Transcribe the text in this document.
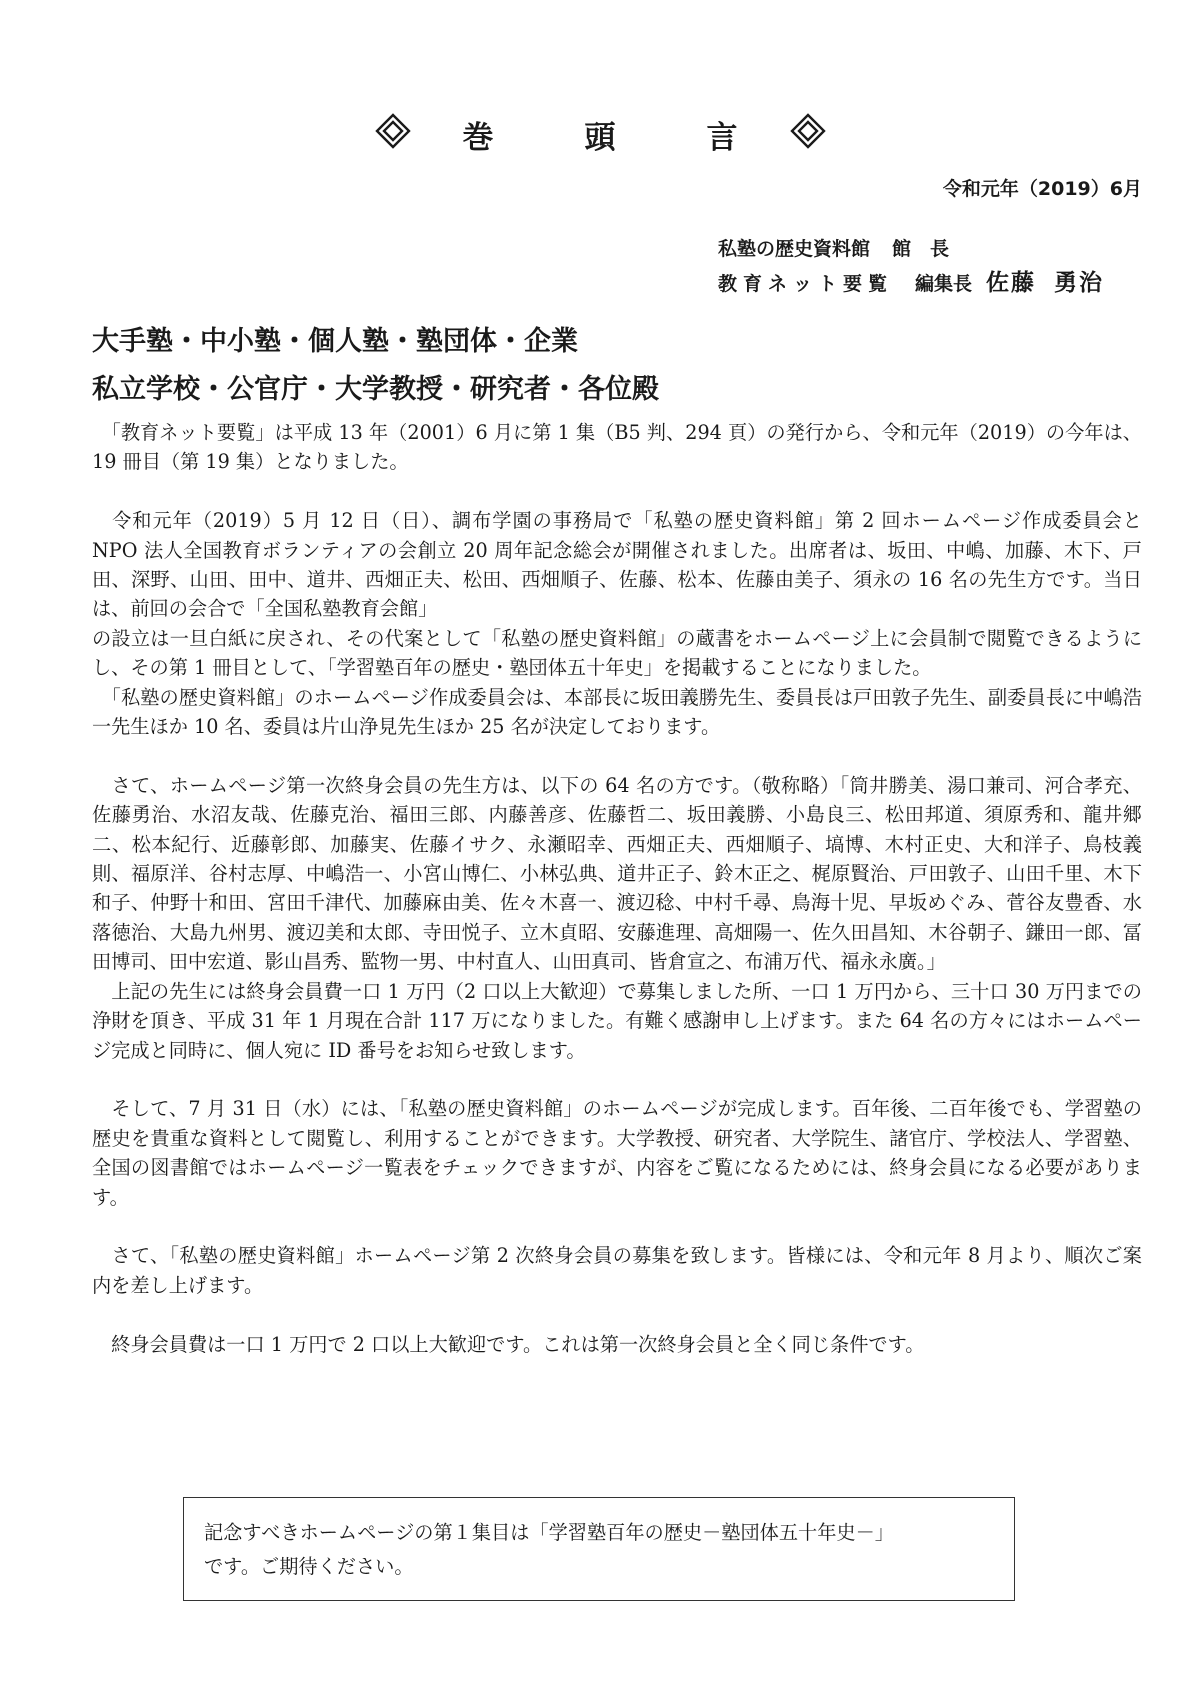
巻　頭　言
令和元年（2019）6月
私塾の歴史資料館 館　長
教育ネット要覧 編集長 佐藤 勇治
大手塾・中小塾・個人塾・塾団体・企業
私立学校・公官庁・大学教授・研究者・各位殿

　「教育ネット要覧」は平成 13 年（2001）6 月に第 1 集（B5 判、294 頁）の発行から、令和元年（2019）の今年は、19 冊目（第 19 集）となりました。

　令和元年（2019）5 月 12 日（日）、調布学園の事務局で「私塾の歴史資料館」第 2 回ホームページ作成委員会と NPO 法人全国教育ボランティアの会創立 20 周年記念総会が開催されました。出席者は、坂田、中嶋、加藤、木下、戸田、深野、山田、田中、道井、西畑正夫、松田、西畑順子、佐藤、松本、佐藤由美子、須永の 16 名の先生方です。当日は、前回の会合で「全国私塾教育会館」

の設立は一旦白紙に戻され、その代案として「私塾の歴史資料館」の蔵書をホームページ上に会員制で閲覧できるようにし、その第 1 冊目として、「学習塾百年の歴史・塾団体五十年史」を掲載することになりました。

　「私塾の歴史資料館」のホームページ作成委員会は、本部長に坂田義勝先生、委員長は戸田敦子先生、副委員長に中嶋浩一先生ほか 10 名、委員は片山浄見先生ほか 25 名が決定しております。

　さて、ホームページ第一次終身会員の先生方は、以下の 64 名の方です。（敬称略）「筒井勝美、湯口兼司、河合孝充、佐藤勇治、水沼友哉、佐藤克治、福田三郎、内藤善彦、佐藤哲二、坂田義勝、小島良三、松田邦道、須原秀和、龍井郷二、松本紀行、近藤彰郎、加藤実、佐藤イサク、永瀬昭幸、西畑正夫、西畑順子、塙博、木村正史、大和洋子、鳥枝義則、福原洋、谷村志厚、中嶋浩一、小宮山博仁、小林弘典、道井正子、鈴木正之、梶原賢治、戸田敦子、山田千里、木下和子、仲野十和田、宮田千津代、加藤麻由美、佐々木喜一、渡辺稔、中村千尋、鳥海十児、早坂めぐみ、菅谷友豊香、水落徳治、大島九州男、渡辺美和太郎、寺田悦子、立木貞昭、安藤進理、高畑陽一、佐久田昌知、木谷朝子、鎌田一郎、冨田博司、田中宏道、影山昌秀、監物一男、中村直人、山田真司、皆倉宣之、布浦万代、福永永廣。」

　上記の先生には終身会員費一口 1 万円（2 口以上大歓迎）で募集しました所、一口 1 万円から、三十口 30 万円までの浄財を頂き、平成 31 年 1 月現在合計 117 万になりました。有難く感謝申し上げます。また 64 名の方々にはホームページ完成と同時に、個人宛に ID 番号をお知らせ致します。

　そして、7 月 31 日（水）には、「私塾の歴史資料館」のホームページが完成します。百年後、二百年後でも、学習塾の歴史を貴重な資料として閲覧し、利用することができます。大学教授、研究者、大学院生、諸官庁、学校法人、学習塾、全国の図書館ではホームページ一覧表をチェックできますが、内容をご覧になるためには、終身会員になる必要があります。

　さて、「私塾の歴史資料館」ホームページ第 2 次終身会員の募集を致します。皆様には、令和元年 8 月より、順次ご案内を差し上げます。

　終身会員費は一口 1 万円で 2 口以上大歓迎です。これは第一次終身会員と全く同じ条件です。

記念すべきホームページの第１集目は「学習塾百年の歴史－塾団体五十年史－」
です。ご期待ください。
